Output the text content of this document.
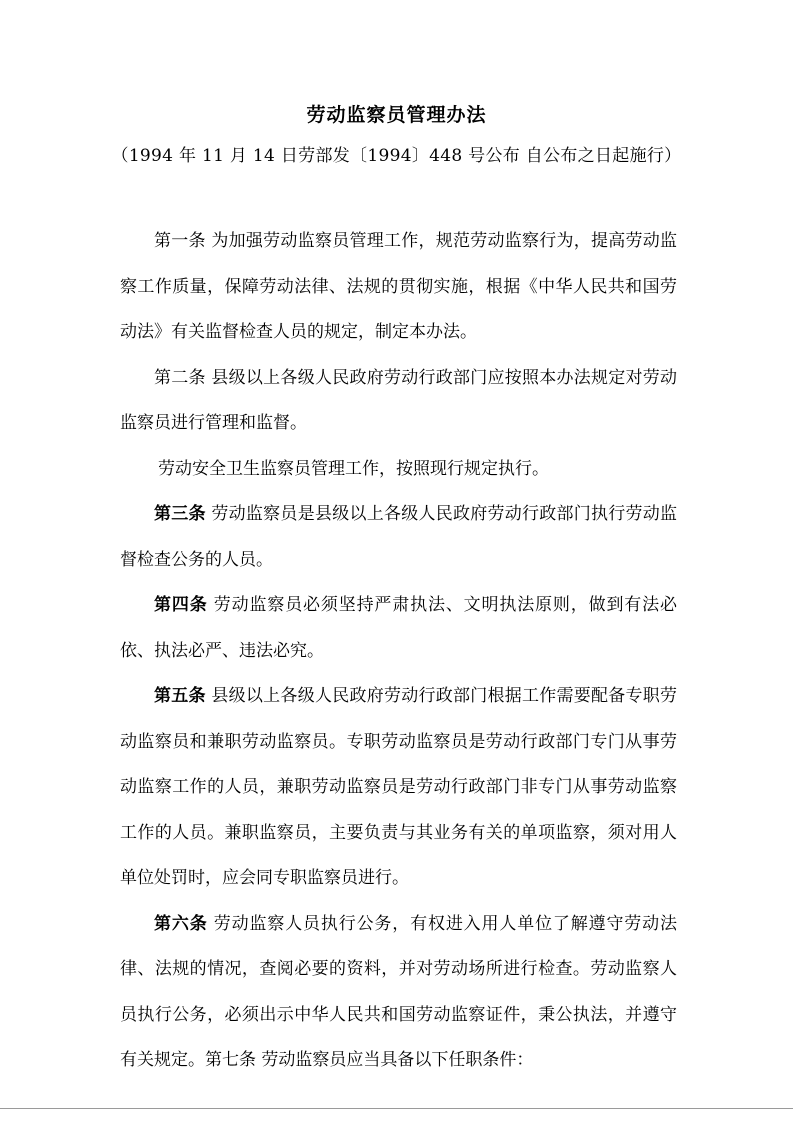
劳动监察员管理办法
（1994 年 11 月 14 日劳部发〔1994〕448 号公布 自公布之日起施行）

第一条 为加强劳动监察员管理工作，规范劳动监察行为，提高劳动监察工作质量，保障劳动法律、法规的贯彻实施，根据《中华人民共和国劳动法》有关监督检查人员的规定，制定本办法。

第二条 县级以上各级人民政府劳动行政部门应按照本办法规定对劳动监察员进行管理和监督。

劳动安全卫生监察员管理工作，按照现行规定执行。

第三条 劳动监察员是县级以上各级人民政府劳动行政部门执行劳动监督检查公务的人员。

第四条 劳动监察员必须坚持严肃执法、文明执法原则，做到有法必依、执法必严、违法必究。

第五条 县级以上各级人民政府劳动行政部门根据工作需要配备专职劳动监察员和兼职劳动监察员。专职劳动监察员是劳动行政部门专门从事劳动监察工作的人员，兼职劳动监察员是劳动行政部门非专门从事劳动监察工作的人员。兼职监察员，主要负责与其业务有关的单项监察，须对用人单位处罚时，应会同专职监察员进行。

第六条 劳动监察人员执行公务，有权进入用人单位了解遵守劳动法律、法规的情况，查阅必要的资料，并对劳动场所进行检查。劳动监察人员执行公务，必须出示中华人民共和国劳动监察证件，秉公执法，并遵守有关规定。第七条 劳动监察员应当具备以下任职条件：
